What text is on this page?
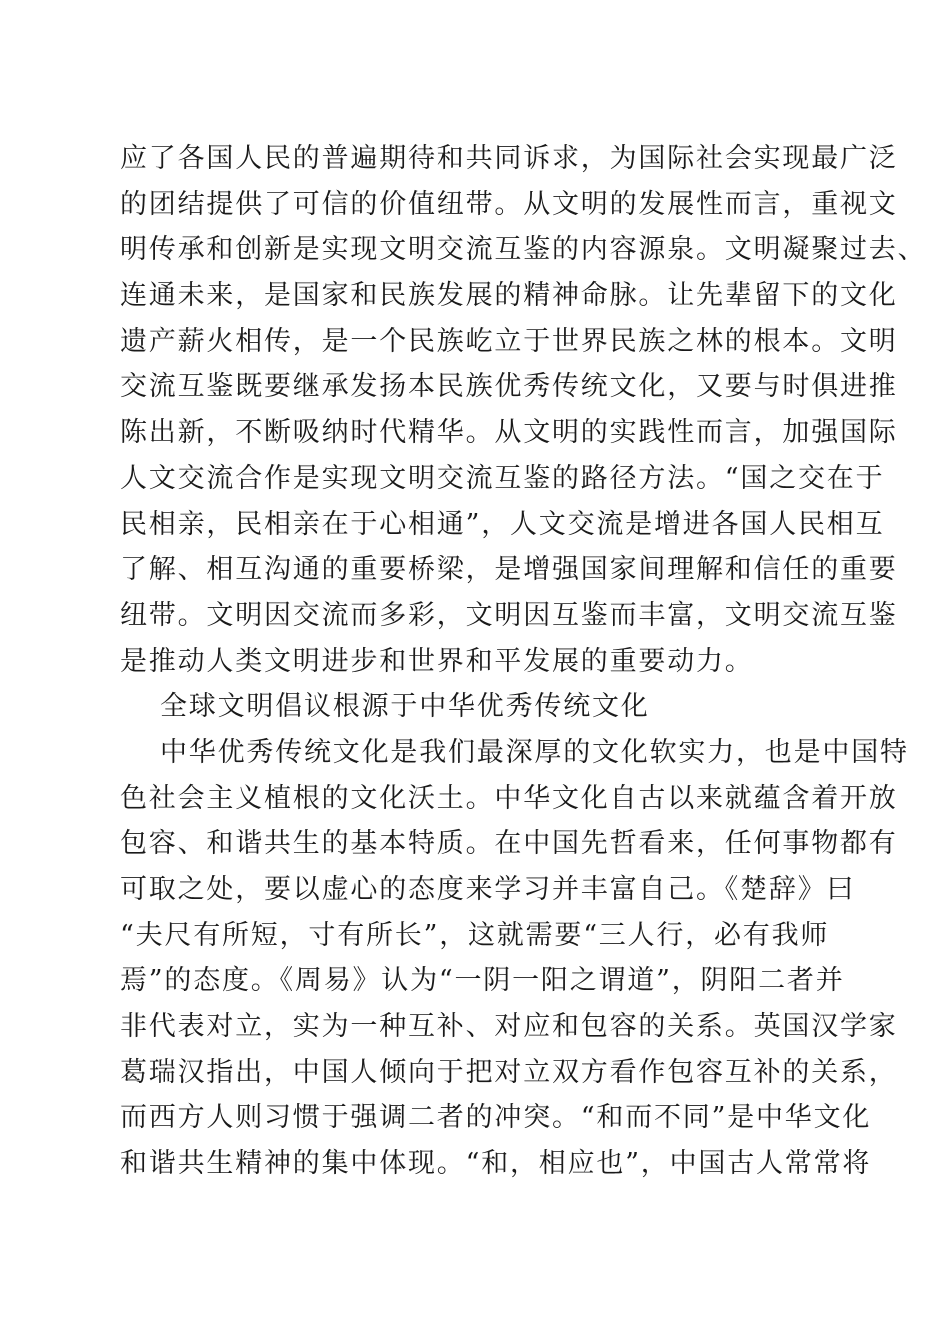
应了各国人民的普遍期待和共同诉求，为国际社会实现最广泛
的团结提供了可信的价值纽带。从文明的发展性而言，重视文
明传承和创新是实现文明交流互鉴的内容源泉。文明凝聚过去、
连通未来，是国家和民族发展的精神命脉。让先辈留下的文化
遗产薪火相传，是一个民族屹立于世界民族之林的根本。文明
交流互鉴既要继承发扬本民族优秀传统文化，又要与时俱进推
陈出新，不断吸纳时代精华。从文明的实践性而言，加强国际
人文交流合作是实现文明交流互鉴的路径方法。“国之交在于
民相亲，民相亲在于心相通”，人文交流是增进各国人民相互
了解、相互沟通的重要桥梁，是增强国家间理解和信任的重要
纽带。文明因交流而多彩，文明因互鉴而丰富，文明交流互鉴
是推动人类文明进步和世界和平发展的重要动力。
全球文明倡议根源于中华优秀传统文化
中华优秀传统文化是我们最深厚的文化软实力，也是中国特
色社会主义植根的文化沃土。中华文化自古以来就蕴含着开放
包容、和谐共生的基本特质。在中国先哲看来，任何事物都有
可取之处，要以虚心的态度来学习并丰富自己。《楚辞》曰
“夫尺有所短，寸有所长”，这就需要“三人行，必有我师
焉”的态度。《周易》认为“一阴一阳之谓道”，阴阳二者并
非代表对立，实为一种互补、对应和包容的关系。英国汉学家
葛瑞汉指出，中国人倾向于把对立双方看作包容互补的关系，
而西方人则习惯于强调二者的冲突。“和而不同”是中华文化
和谐共生精神的集中体现。“和，相应也”，中国古人常常将
